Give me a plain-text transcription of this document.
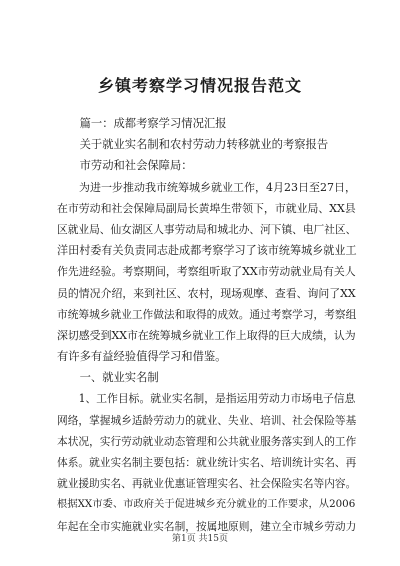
乡镇考察学习情况报告范文
　　篇一：成都考察学习情况汇报
　　关于就业实名制和农村劳动力转移就业的考察报告
　　市劳动和社会保障局：
　　为进一步推动我市统筹城乡就业工作，4月23日至27日，
在市劳动和社会保障局副局长黄埠生带领下，市就业局、XX县
区就业局、仙女湖区人事劳动局和城北办、河下镇、电厂社区、
洋田村委有关负责同志赴成都考察学习了该市统筹城乡就业工
作先进经验。考察期间，考察组听取了XX市劳动就业局有关人
员的情况介绍，来到社区、农村，现场观摩、查看、询问了XX
市统筹城乡就业工作做法和取得的成效。通过考察学习，考察组
深切感受到XX市在统筹城乡就业工作上取得的巨大成绩，认为
有许多有益经验值得学习和借鉴。
　　一、就业实名制
　　1、工作目标。就业实名制，是指运用劳动力市场电子信息
网络，掌握城乡适龄劳动力的就业、失业、培训、社会保险等基
本状况，实行劳动就业动态管理和公共就业服务落实到人的工作
体系。就业实名制主要包括：就业统计实名、培训统计实名、再
就业援助实名、再就业优惠证管理实名、社会保险实名等内容。
根据XX市委、市政府关于促进城乡充分就业的工作要求，从2006
年起在全市实施就业实名制，按属地原则，建立全市城乡劳动力
第1页 共15页
